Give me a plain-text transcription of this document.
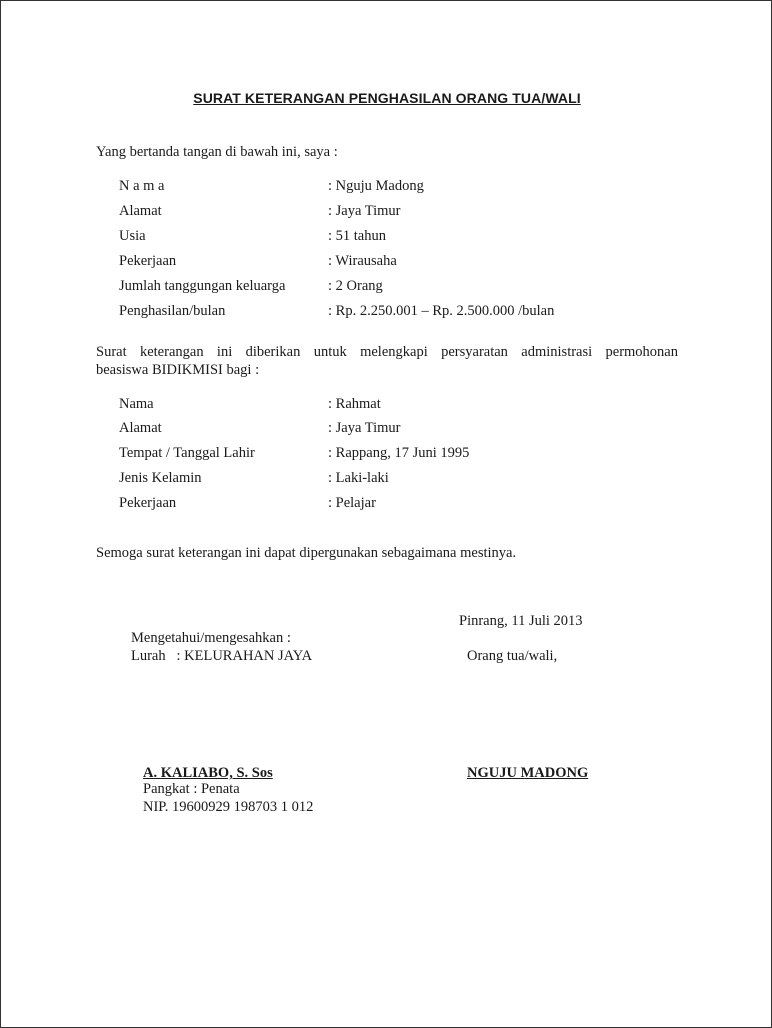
SURAT KETERANGAN PENGHASILAN ORANG TUA/WALI
Yang bertanda tangan di bawah ini, saya :
N a m a	: Nguju Madong
Alamat	: Jaya Timur
Usia	: 51 tahun
Pekerjaan	: Wirausaha
Jumlah tanggungan keluarga	: 2 Orang
Penghasilan/bulan	: Rp. 2.250.001 – Rp. 2.500.000 /bulan
Surat keterangan ini diberikan untuk melengkapi persyaratan administrasi permohonan
beasiswa BIDIKMISI bagi :
Nama	: Rahmat
Alamat	: Jaya Timur
Tempat / Tanggal Lahir	: Rappang, 17 Juni 1995
Jenis Kelamin	: Laki-laki
Pekerjaan	: Pelajar
Semoga surat keterangan ini dapat dipergunakan sebagaimana mestinya.
Pinrang, 11 Juli 2013
Mengetahui/mengesahkan :
Lurah : KELURAHAN JAYA	Orang tua/wali,
A. KALIABO, S. Sos
Pangkat : Penata
NIP. 19600929 198703 1 012
NGUJU MADONG
